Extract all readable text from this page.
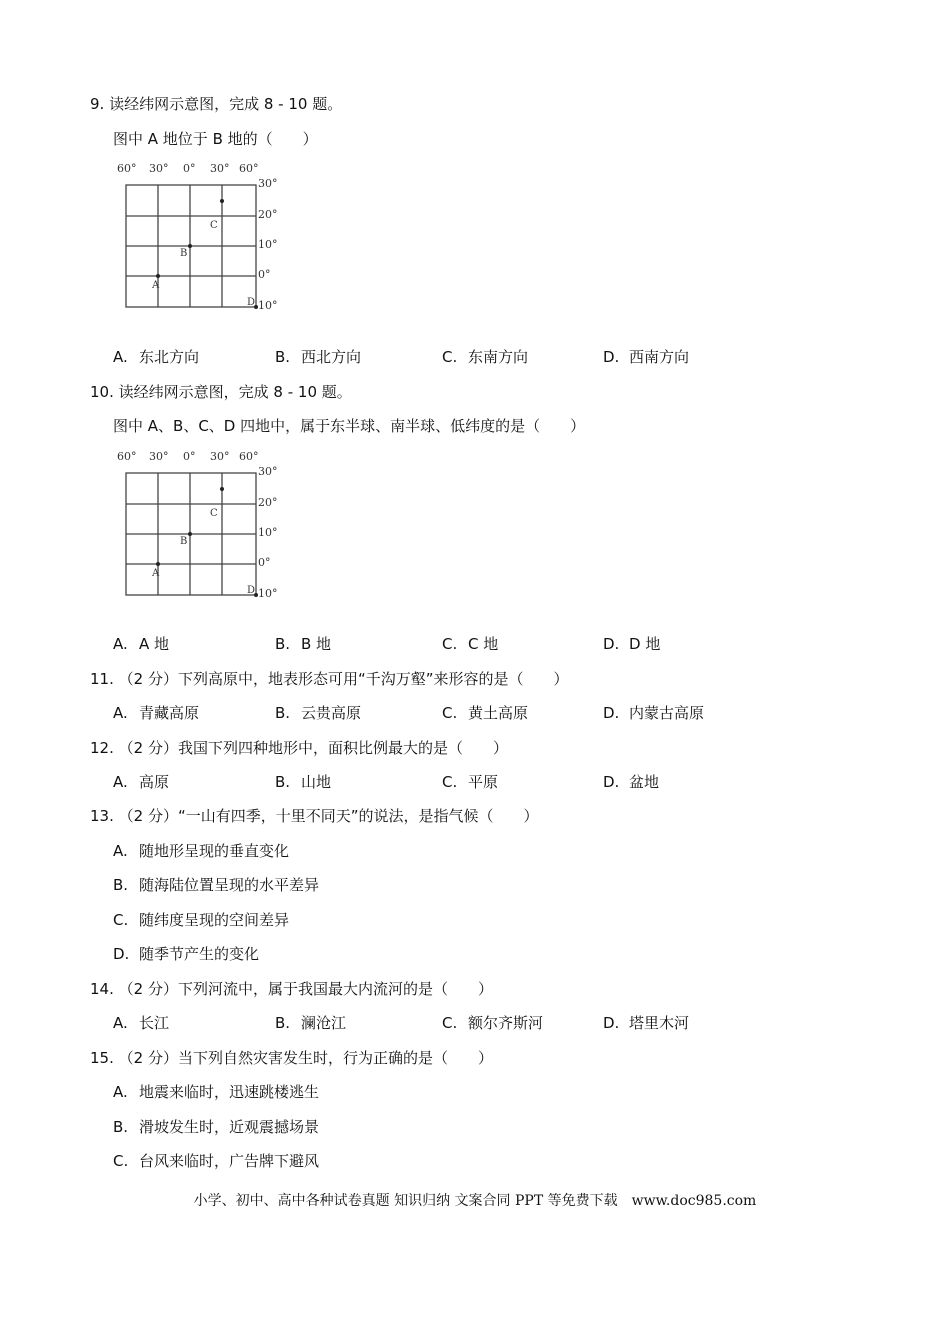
9. 读经纬网示意图，完成 8 - 10 题。
图中 A 地位于 B 地的（　　）
60° 30° 0° 30° 60°
30°
20°
10°
0°
10°
C
B
A
D
A. 东北方向	B. 西北方向	C. 东南方向	D. 西南方向
10. 读经纬网示意图，完成 8 - 10 题。
图中 A、B、C、D 四地中，属于东半球、南半球、低纬度的是（　　）
60° 30° 0° 30° 60°
30°
20°
10°
0°
10°
C
B
A
D
A. A 地	B. B 地	C. C 地	D. D 地
11. （2 分）下列高原中，地表形态可用“千沟万壑”来形容的是（　　）
A. 青藏高原	B. 云贵高原	C. 黄土高原	D. 内蒙古高原
12. （2 分）我国下列四种地形中，面积比例最大的是（　　）
A. 高原	B. 山地	C. 平原	D. 盆地
13. （2 分）“一山有四季，十里不同天”的说法，是指气候（　　）
A. 随地形呈现的垂直变化
B. 随海陆位置呈现的水平差异
C. 随纬度呈现的空间差异
D. 随季节产生的变化
14. （2 分）下列河流中，属于我国最大内流河的是（　　）
A. 长江	B. 澜沧江	C. 额尔齐斯河	D. 塔里木河
15. （2 分）当下列自然灾害发生时，行为正确的是（　　）
A. 地震来临时，迅速跳楼逃生
B. 滑坡发生时，近观震撼场景
C. 台风来临时，广告牌下避风
小学、初中、高中各种试卷真题 知识归纳 文案合同 PPT 等免费下载　www.doc985.com
